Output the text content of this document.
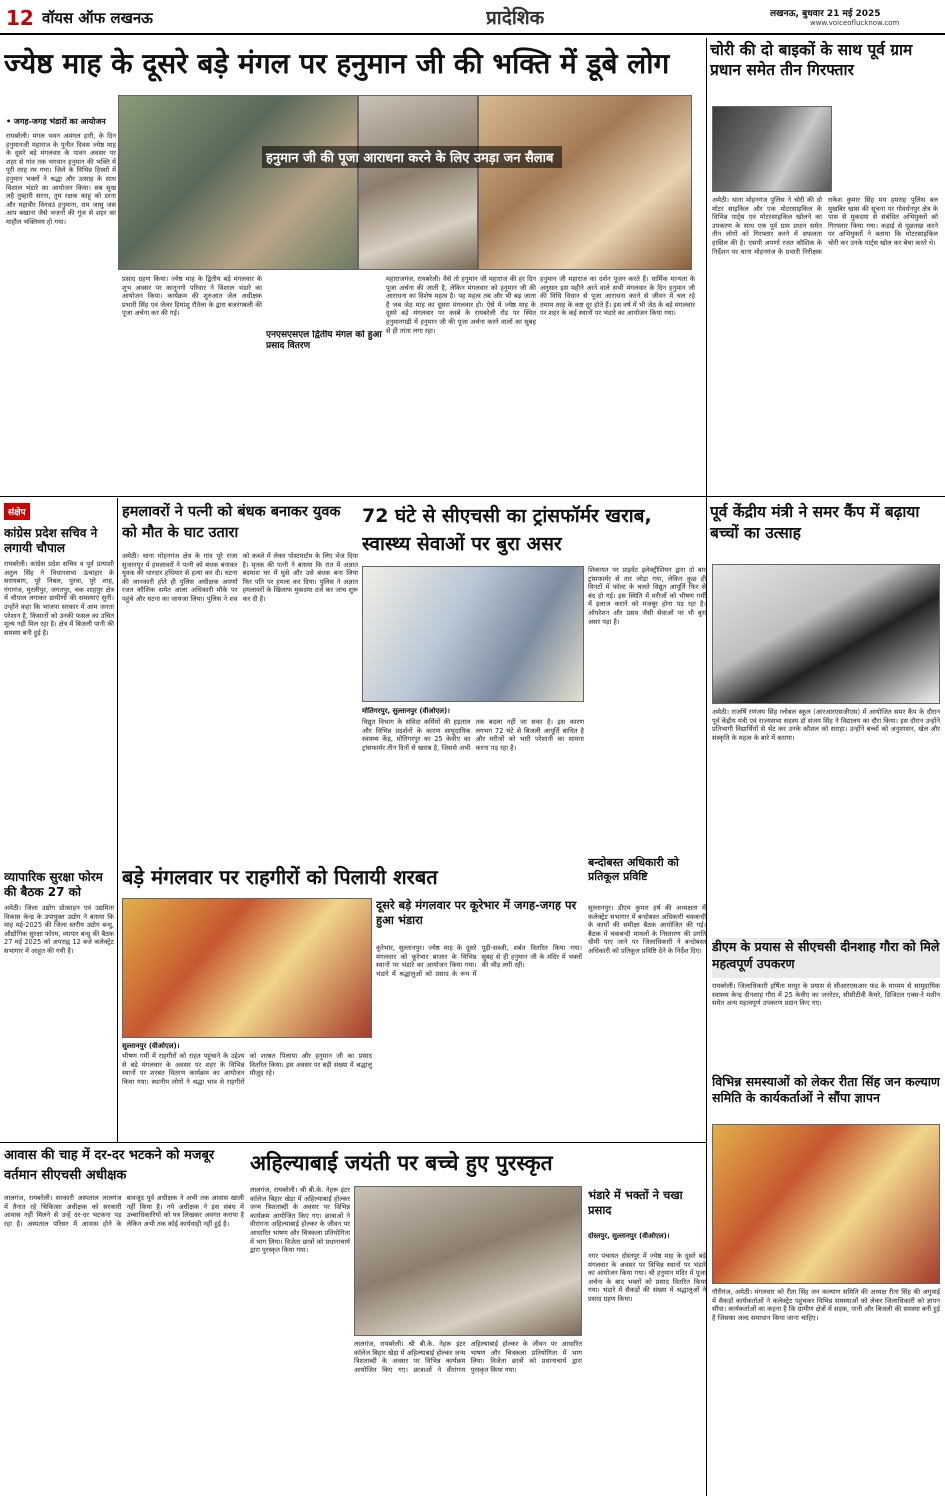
12 वॉयस ऑफ लखनऊ	प्रादेशिक	लखनऊ, बुधवार 21 मई 2025
www.voiceoflucknow.com
ज्येष्ठ माह के दूसरे बड़े मंगल पर हनुमान जी की भक्ति में डूबे लोग
• जगह-जगह भंडारों का आयोजन
रायबरेली। मंगल भवन अमंगल हारी, के दिन हनुमानजी महाराज के पुनीत दिवस ज्येष्ठ माह के दूसरे बड़े मंगलवार के पावन अवसर पर शहर से गांव तक भगवान हनुमान की भक्ति में पूरी तरह रम गया। जिले के विभिन्न हिस्सों में हनुमान भक्तों ने श्रद्धा और उत्साह के साथ विशाल भंडारे का आयोजन किया। सब सुख लहै तुम्हारी सरना, तुम रक्षक काहू को डरना और महावीर विनवउं हनुमाना, राम जासु जस आप बखाना जैसे भजनों की गूंज से शहर का माहौल भक्तिमय हो गया।
हनुमान जी की पूजा आराधना करने के लिए उमड़ा जन सैलाब
प्रसाद ग्रहण किया। ज्येष्ठ माह के द्वितीय बड़े मंगलवार के शुभ अवसर पर कानूनगो परिवार ने विशाल भंडारे का आयोजन किया। कार्यक्रम की शुरुआत जेल अधीक्षक प्रभारी सिंह एवं जेलर हिमांशु रौतेला के द्वारा बजरंगबली की पूजा अर्चना कर की गई।
एनएसएसएल द्वितीय मंगल को हुआ प्रसाद वितरण
महाराजगंज, रायबरेली। वैसे तो हनुमान जी महाराज की हर दिन पूजा अर्चना की जाती है, लेकिन मंगलवार को हनुमान जी की आराधना का विशेष महत्व है। पह महत्व तब और भी बढ़ जाता है जब जेठ माह का दूसरा मंगलवार हो। ऐसे में ज्येष्ठ माह के दूसरे बड़े मंगलवार पर कस्बे के रायबरेली रोड पर स्थित हनुमानगढ़ी में हनुमान जी की पूजा अर्चना करने वालों का सुबह से ही तांता लगा रहा।
हनुमान जी महाराज का दर्शन पूजन करते हैं। धार्मिक मान्यता के अनुसार इस महीने आने वाले सभी मंगलवार के दिन हनुमान जी की विधि विधान से पूजा आराधना करने से जीवन में चल रहे तमाम तरह के कष्ट दूर होते हैं। इस वर्ष में भी जेठ के बड़े मंगलवार पर शहर के कई स्थानों पर भंडारे का आयोजन किया गया।
चोरी की दो बाइकों के साथ पूर्व ग्राम प्रधान समेत तीन गिरफ्तार
अमेठी। थाना मोहनगंज पुलिस ने चोरी की दो मोटर साइकिल और एक मोटरसाइकिल के विभिन्न पार्ट्स एवं मोटरसाइकिल खोलने का उपकरण के साथ एक पूर्व ग्राम प्रधान समेत तीन लोगों को गिरफ्तार करने में सफलता हासिल की है। एसपी अपर्णा रजत कौशिक के निर्देशन पर थाना मोहनगंज के प्रभारी निरीक्षक राकेश कुमार सिंह मय हमराह पुलिस बल मुखबिर खास की सूचना पर गोवर्धनपुर क्षेत्र के पास से मुकदमा से संबंधित अभियुक्तों को गिरफ्तार किया गया। कड़ाई से पूछताछ करने पर अभियुक्तों ने बताया कि मोटरसाइकिल चोरी कर उनके पार्ट्स खोल कर बेचा करते थे।
संक्षेप
कांग्रेस प्रदेश सचिव ने लगायी चौपाल
रायबरेली। कांग्रेस प्रदेश सचिव व पूर्व प्रत्याशी अतुल सिंह ने विधानसभा ऊंचाहार के सरायबाग, पूरे निबल, पुरवा, पुरे शाह, गंगागंज, मुरलीपुर, जगतपुर, चक शाहपुर क्षेत्र में चौपाल लगाकर ग्रामीणों की समस्याएं सुनी। उन्होंने कहा कि भाजपा सरकार में आम जनता परेशान है, किसानों को उनकी फसल का उचित मूल्य नहीं मिल रहा है। क्षेत्र में बिजली पानी की समस्या बनी हुई है।
व्यापारिक सुरक्षा फोरम की बैठक 27 को
अमेठी। जिला उद्योग प्रोत्साहन एवं उद्यमिता विकास केन्द्र के उपायुक्त उद्योग ने बताया कि माह मई-2025 की जिला स्तरीय उद्योग बन्धु, औद्योगिक सुरक्षा फोरम, व्यापार बन्धु की बैठक 27 मई 2025 को अपराह्न 12 बजे कलेक्ट्रेट सभागार में आहूत की गयी है।
हमलावरों ने पत्नी को बंधक बनाकर युवक को मौत के घाट उतारा
अमेठी। थाना मोहनगंज क्षेत्र के गांव पूरे राजा सुजानपुर में हमलावरों ने पत्नी को बंधक बनाकर युवक की धारदार हथियार से हत्या कर दी। घटना की जानकारी होते ही पुलिस अधीक्षक अपर्णा रजत कौशिक समेत आला अधिकारी मौके पर पहुंचे और घटना का जायजा लिया। पुलिस ने शव को कब्जे में लेकर पोस्टमार्टम के लिए भेज दिया है। मृतक की पत्नी ने बताया कि रात में अज्ञात बदमाश घर में घुसे और उसे बंधक बना लिया फिर पति पर हमला कर दिया। पुलिस ने अज्ञात हमलावरों के खिलाफ मुकदमा दर्ज कर जांच शुरू कर दी है।
72 घंटे से सीएचसी का ट्रांसफॉर्मर खराब, स्वास्थ्य सेवाओं पर बुरा असर
मोतिगरपुर, सुल्तानपुर (वीओएल)।
विद्युत विभाग के संविदा कर्मियों की हड़ताल और विभिन्न प्रदर्शनों के कारण सामुदायिक स्वास्थ्य केंद्र, मोतिगरपुर का 25 केवीए का ट्रांसफार्मर तीन दिनों से खराब है, जिससे अभी तक बदला नहीं जा सका है। इस कारण लगभग 72 घंटे से बिजली आपूर्ति बाधित है और मरीजों को भारी परेशानी का सामना करना पड़ रहा है।
शिकायत पर प्राइवेट इलेक्ट्रीशियन द्वारा दो बार ट्रांसफार्मर से तार जोड़ा गया, लेकिन कुछ ही मिनटों में फॉल्ट के चलते विद्युत आपूर्ति फिर से बंद हो गई। इस स्थिति में मरीजों को भीषण गर्मी में इलाज कराने को मजबूर होना पड़ रहा है। ऑपरेशन और प्रसव जैसी सेवाओं पर भी बुरा असर पड़ा है।
पूर्व केंद्रीय मंत्री ने समर कैंप में बढ़ाया बच्चों का उत्साह
अमेठी। राजर्षि रणंजय सिंह ग्लोबल स्कूल (आरआरएसजीएस) में आयोजित समर कैंप के दौरान पूर्व केंद्रीय मंत्री एवं राज्यसभा सदस्य डॉ संजय सिंह ने विद्यालय का दौरा किया। इस दौरान उन्होंने प्रतिभागी विद्यार्थियों से भेंट कर उनके कौशल को सराहा। उन्होंने बच्चों को अनुशासन, खेल और संस्कृति के महत्व के बारे में बताया।
बन्दोबस्त अधिकारी को प्रतिकूल प्रविष्टि
सुल्तानपुर। डीएम कुमार हर्ष की अध्यक्षता में कलेक्ट्रेट सभागार में बन्दोबस्त अधिकारी चकबन्दी के कार्यों की समीक्षा बैठक आयोजित की गई। बैठक में चकबन्दी मामलों के निस्तारण की प्रगति धीमी पाए जाने पर जिलाधिकारी ने बन्दोबस्त अधिकारी को प्रतिकूल प्रविष्टि देने के निर्देश दिए।
बड़े मंगलवार पर राहगीरों को पिलायी शरबत
दूसरे बड़े मंगलवार पर कूरेभार में जगह-जगह पर हुआ भंडारा
कूरेभार, सुल्तानपुर। ज्येष्ठ माह के दूसरे मंगलवार को कूरेभार बाजार के विभिन्न स्थानों पर भंडारे का आयोजन किया गया। भंडारे में श्रद्धालुओं को प्रसाद के रूप में पूड़ी-सब्जी, शर्बत वितरित किया गया। सुबह से ही हनुमान जी के मंदिर में भक्तों की भीड़ लगी रही।
सुल्तानपुर (वीओएल)।
भीषण गर्मी में राहगीरों को राहत पहुंचाने के उद्देश्य से बड़े मंगलवार के अवसर पर शहर के विभिन्न स्थानों पर शरबत वितरण कार्यक्रम का आयोजन किया गया। स्थानीय लोगों ने श्रद्धा भाव से राहगीरों को शरबत पिलाया और हनुमान जी का प्रसाद वितरित किया। इस अवसर पर बड़ी संख्या में श्रद्धालु मौजूद रहे।
डीएम के प्रयास से सीएचसी दीनशाह गौरा को मिले महत्वपूर्ण उपकरण
रायबरेली। जिलाधिकारी हर्षिता माथुर के प्रयास से सीआरएसआर फंड के माध्यम से सामुदायिक स्वास्थ्य केन्द्र दीनशाह गौरा में 25 केवीए का जनरेटर, सीसीटीवी कैमरे, डिजिटल एक्स-रे मशीन समेत अन्य महत्वपूर्ण उपकरण प्रदान किए गए।
विभिन्न समस्याओं को लेकर रीता सिंह जन कल्याण समिति के कार्यकर्ताओं ने सौंपा ज्ञापन
गौरीगंज, अमेठी। मंगलवार को रीता सिंह जन कल्याण समिति की अध्यक्ष रीता सिंह की अगुवाई में सैकड़ों कार्यकर्ताओं ने कलेक्ट्रेट पहुंचकर विभिन्न समस्याओं को लेकर जिलाधिकारी को ज्ञापन सौंपा। कार्यकर्ताओं का कहना है कि ग्रामीण क्षेत्रों में सड़क, पानी और बिजली की समस्या बनी हुई है जिसका जल्द समाधान किया जाना चाहिए।
आवास की चाह में दर-दर भटकने को मजबूर वर्तमान सीएचसी अधीक्षक
लालगंज, रायबरेली। सरकारी अस्पताल लालगंज में तैनात रहे चिकित्सा अधीक्षक को सरकारी आवास नहीं मिलने से उन्हें दर-दर भटकना पड़ रहा है। अस्पताल परिसर में आवास होने के बावजूद पूर्व अधीक्षक ने अभी तक आवास खाली नहीं किया है। नये अधीक्षक ने इस संबंध में उच्चाधिकारियों को पत्र लिखकर अवगत कराया है लेकिन अभी तक कोई कार्यवाही नहीं हुई है।
अहिल्याबाई जयंती पर बच्चे हुए पुरस्कृत
लालगंज, रायबरेली। श्री बी.के. नेहरू इंटर कॉलेज बिहार खेड़ा में अहिल्याबाई होल्कर जन्म त्रिशताब्दी के अवसर पर विभिन्न कार्यक्रम आयोजित किए गए। छात्राओं ने वीरांगना अहिल्याबाई होल्कर के जीवन पर आधारित भाषण और चित्रकला प्रतियोगिता में भाग लिया। विजेता छात्रों को प्रधानाचार्य द्वारा पुरस्कृत किया गया।
लालगंज, रायबरेली। श्री बी.के. नेहरू इंटर कॉलेज बिहार खेड़ा में अहिल्याबाई होल्कर जन्म त्रिशताब्दी के अवसर पर विभिन्न कार्यक्रम आयोजित किए गए। छात्राओं ने वीरांगना अहिल्याबाई होल्कर के जीवन पर आधारित भाषण और चित्रकला प्रतियोगिता में भाग लिया। विजेता छात्रों को प्रधानाचार्य द्वारा पुरस्कृत किया गया।
भंडारे में भक्तों ने चखा प्रसाद
दोस्तपुर, सुल्तानपुर (वीओएल)।
नगर पंचायत दोस्तपुर में ज्येष्ठ माह के दूसरे बड़े मंगलवार के अवसर पर विभिन्न स्थानों पर भंडारे का आयोजन किया गया। श्री हनुमान मंदिर में पूजा अर्चना के बाद भक्तों को प्रसाद वितरित किया गया। भंडारे में सैकड़ों की संख्या में श्रद्धालुओं ने प्रसाद ग्रहण किया।
